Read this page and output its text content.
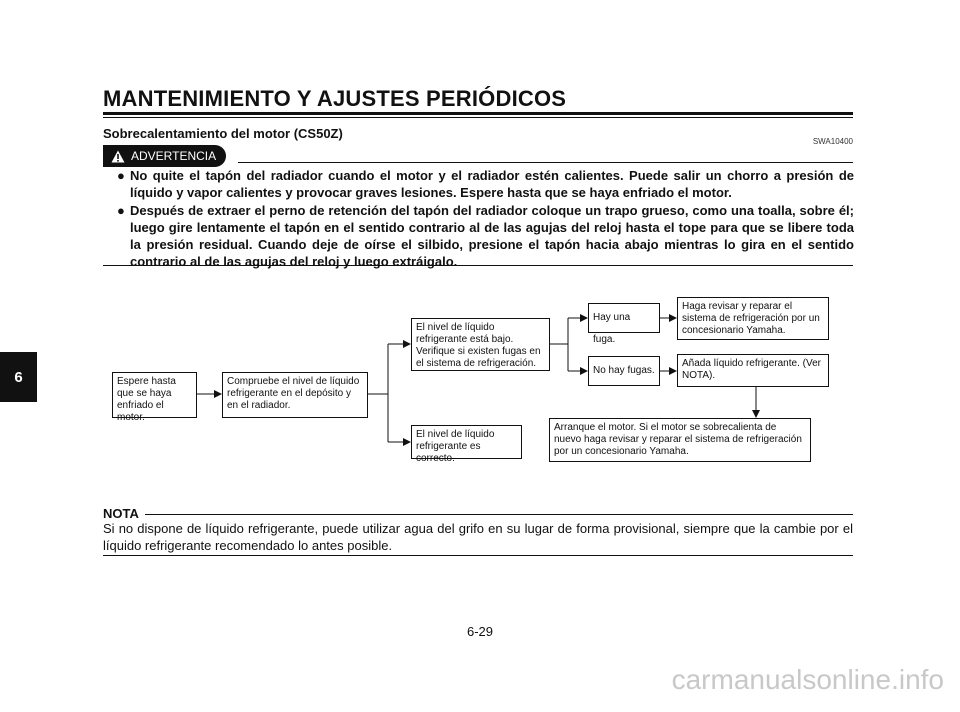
MANTENIMIENTO Y AJUSTES PERIÓDICOS
6
Sobrecalentamiento del motor (CS50Z)
SWA10400
ADVERTENCIA
● No quite el tapón del radiador cuando el motor y el radiador estén calientes. Puede salir un chorro a presión de líquido y vapor calientes y provocar graves lesiones. Espere hasta que se haya enfriado el motor.
● Después de extraer el perno de retención del tapón del radiador coloque un trapo grueso, como una toalla, sobre él; luego gire lentamente el tapón en el sentido contrario al de las agujas del reloj hasta el tope para que se libere toda la presión residual. Cuando deje de oírse el silbido, presione el tapón hacia abajo mientras lo gira en el sentido contrario al de las agujas del reloj y luego extráigalo.
Espere hasta que se haya enfriado el motor.
Compruebe el nivel de líquido refrigerante en el depósito y en el radiador.
El nivel de líquido refrigerante está bajo. Verifique si existen fugas en el sistema de refrigeración.
El nivel de líquido refrigerante es correcto.
Hay una fuga.
No hay fugas.
Haga revisar y reparar el sistema de refrigeración por un concesionario Yamaha.
Añada líquido refrigerante. (Ver NOTA).
Arranque el motor. Si el motor se sobrecalienta de nuevo haga revisar y reparar el sistema de refrigeración por un concesionario Yamaha.
NOTA
Si no dispone de líquido refrigerante, puede utilizar agua del grifo en su lugar de forma provisional, siempre que la cambie por el líquido refrigerante recomendado lo antes posible.
6-29
carmanualsonline.info
